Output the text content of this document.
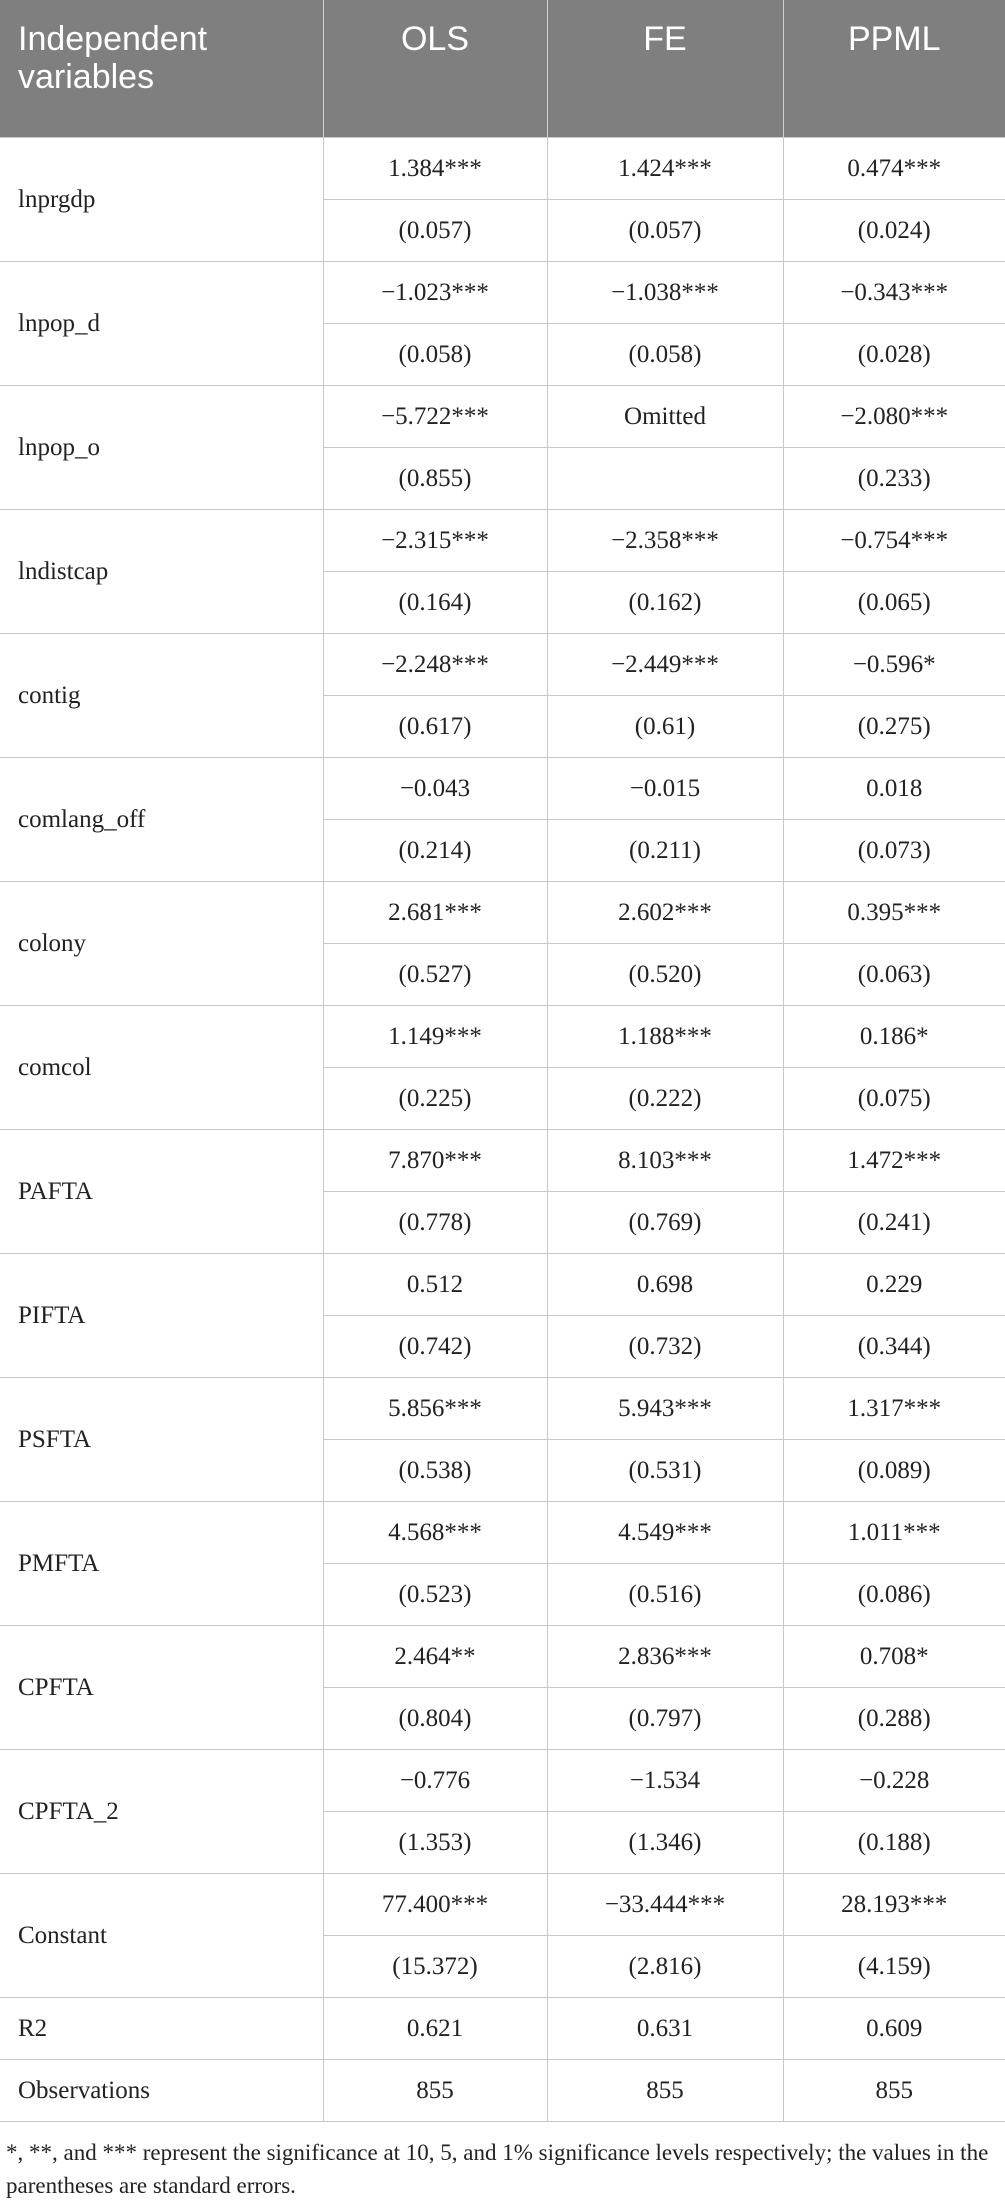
Independent variables	OLS	FE	PPML
lnprgdp	1.384***	1.424***	0.474***
	(0.057)	(0.057)	(0.024)
lnpop_d	−1.023***	−1.038***	−0.343***
	(0.058)	(0.058)	(0.028)
lnpop_o	−5.722***	Omitted	−2.080***
	(0.855)		(0.233)
lndistcap	−2.315***	−2.358***	−0.754***
	(0.164)	(0.162)	(0.065)
contig	−2.248***	−2.449***	−0.596*
	(0.617)	(0.61)	(0.275)
comlang_off	−0.043	−0.015	0.018
	(0.214)	(0.211)	(0.073)
colony	2.681***	2.602***	0.395***
	(0.527)	(0.520)	(0.063)
comcol	1.149***	1.188***	0.186*
	(0.225)	(0.222)	(0.075)
PAFTA	7.870***	8.103***	1.472***
	(0.778)	(0.769)	(0.241)
PIFTA	0.512	0.698	0.229
	(0.742)	(0.732)	(0.344)
PSFTA	5.856***	5.943***	1.317***
	(0.538)	(0.531)	(0.089)
PMFTA	4.568***	4.549***	1.011***
	(0.523)	(0.516)	(0.086)
CPFTA	2.464**	2.836***	0.708*
	(0.804)	(0.797)	(0.288)
CPFTA_2	−0.776	−1.534	−0.228
	(1.353)	(1.346)	(0.188)
Constant	77.400***	−33.444***	28.193***
	(15.372)	(2.816)	(4.159)
R2	0.621	0.631	0.609
Observations	855	855	855
*, **, and *** represent the significance at 10, 5, and 1% significance levels respectively; the values in the parentheses are standard errors.
